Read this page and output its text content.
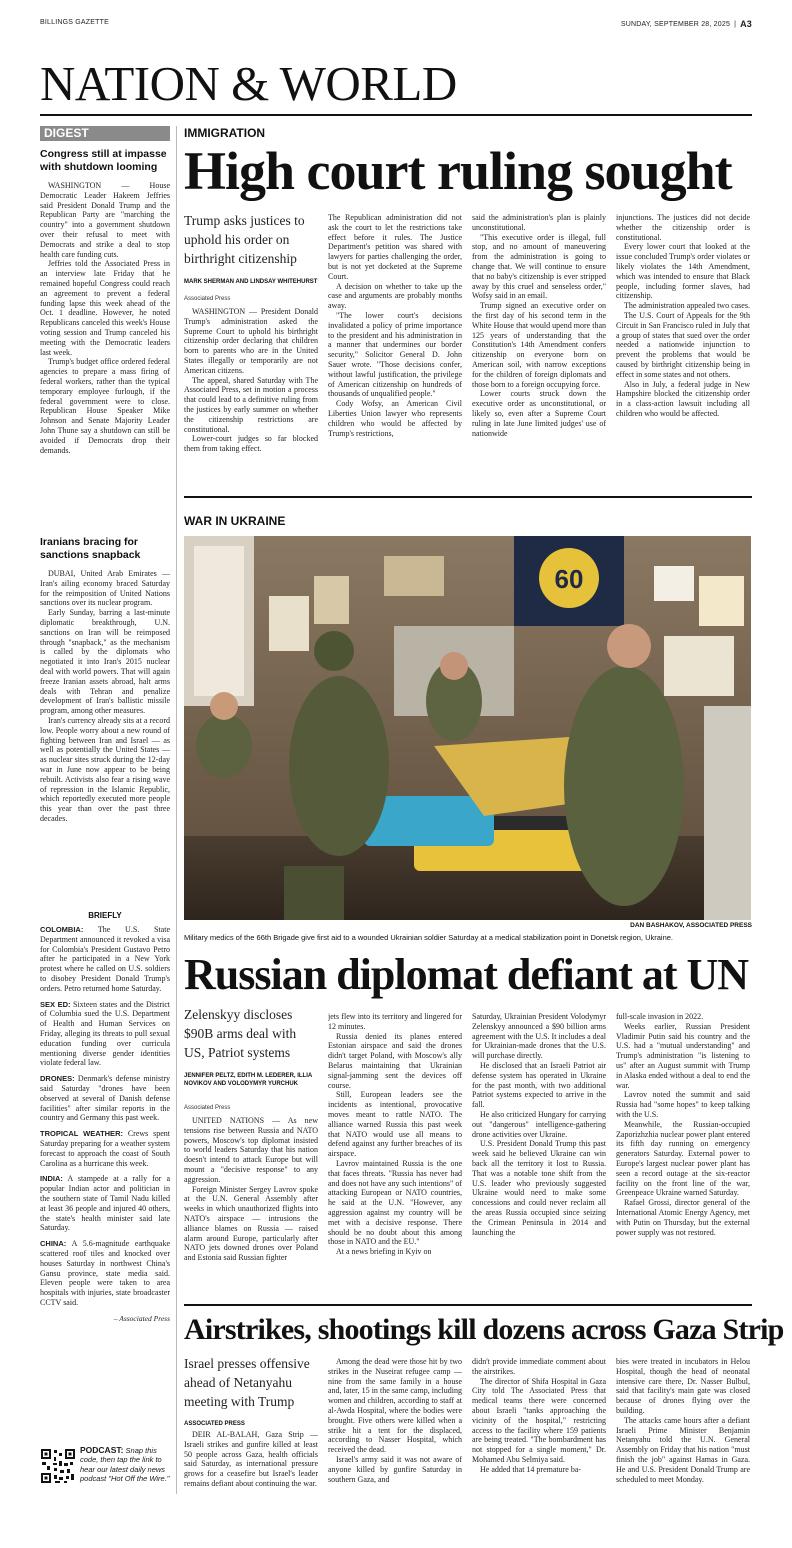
BILLINGS GAZETTE	SUNDAY, SEPTEMBER 28, 2025 | A3
NATION & WORLD
DIGEST
Congress still at impasse with shutdown looming

WASHINGTON — House Democratic Leader Hakeem Jeffries said President Donald Trump and the Republican Party are "marching the country" into a government shutdown over their refusal to meet with Democrats and strike a deal to stop health care funding cuts.

Jeffries told the Associated Press in an interview late Friday that he remained hopeful Congress could reach an agreement to prevent a federal funding lapse this week ahead of the Oct. 1 deadline. However, he noted Republicans canceled this week's House voting session and Trump canceled his meeting with the Democratic leaders last week.

Trump's budget office ordered federal agencies to prepare a mass firing of federal workers, rather than the typical temporary employee furlough, if the federal government were to close. Republican House Speaker Mike Johnson and Senate Majority Leader John Thune say a shutdown can still be avoided if Democrats drop their demands.

Iranians bracing for sanctions snapback

DUBAI, United Arab Emirates — Iran's ailing economy braced Saturday for the reimposition of United Nations sanctions over its nuclear program.

Early Sunday, barring a last-minute diplomatic breakthrough, U.N. sanctions on Iran will be reimposed through "snapback," as the mechanism is called by the diplomats who negotiated it into Iran's 2015 nuclear deal with world powers. That will again freeze Iranian assets abroad, halt arms deals with Tehran and penalize development of Iran's ballistic missile program, among other measures.

Iran's currency already sits at a record low. People worry about a new round of fighting between Iran and Israel — as well as potentially the United States — as nuclear sites struck during the 12-day war in June now appear to be being rebuilt. Activists also fear a rising wave of repression in the Islamic Republic, which reportedly executed more people this year than over the past three decades.

BRIEFLY

COLOMBIA: The U.S. State Department announced it revoked a visa for Colombia's President Gustavo Petro after he participated in a New York protest where he called on U.S. soldiers to disobey President Donald Trump's orders. Petro returned home Saturday.

SEX ED: Sixteen states and the District of Columbia sued the U.S. Department of Health and Human Services on Friday, alleging its threats to pull sexual education funding over curricula mentioning diverse gender identities violate federal law.

DRONES: Denmark's defense ministry said Saturday "drones have been observed at several of Danish defense facilities" after similar reports in the country and Germany this past week.

TROPICAL WEATHER: Crews spent Saturday preparing for a weather system forecast to approach the coast of South Carolina as a hurricane this week.

INDIA: A stampede at a rally for a popular Indian actor and politician in the southern state of Tamil Nadu killed at least 36 people and injured 40 others, the state's health minister said late Saturday.

CHINA: A 5.6-magnitude earthquake scattered roof tiles and knocked over houses Saturday in northwest China's Gansu province, state media said. Eleven people were taken to area hospitals with injuries, state broadcaster CCTV said.

– Associated Press
PODCAST: Snap this code, then tap the link to hear our latest daily news podcast "Hot Off the Wire."
IMMIGRATION
High court ruling sought
Trump asks justices to uphold his order on birthright citizenship
MARK SHERMAN AND LINDSAY WHITEHURST
Associated Press

WASHINGTON — President Donald Trump's administration asked the Supreme Court to uphold his birthright citizenship order declaring that children born to parents who are in the United States illegally or temporarily are not American citizens.

The appeal, shared Saturday with The Associated Press, set in motion a process that could lead to a definitive ruling from the justices by early summer on whether the citizenship restrictions are constitutional.

Lower-court judges so far blocked them from taking effect.

The Republican administration did not ask the court to let the restrictions take effect before it rules. The Justice Department's petition was shared with lawyers for parties challenging the order, but is not yet docketed at the Supreme Court.

A decision on whether to take up the case and arguments are probably months away.

"The lower court's decisions invalidated a policy of prime importance to the president and his administration in a manner that undermines our border security," Solicitor General D. John Sauer wrote. "Those decisions confer, without lawful justification, the privilege of American citizenship on hundreds of thousands of unqualified people."

Cody Wofsy, an American Civil Liberties Union lawyer who represents children who would be affected by Trump's restrictions,

said the administration's plan is plainly unconstitutional.

"This executive order is illegal, full stop, and no amount of maneuvering from the administration is going to change that. We will continue to ensure that no baby's citizenship is ever stripped away by this cruel and senseless order," Wofsy said in an email.

Trump signed an executive order on the first day of his second term in the White House that would upend more than 125 years of understanding that the Constitution's 14th Amendment confers citizenship on everyone born on American soil, with narrow exceptions for the children of foreign diplomats and those born to a foreign occupying force.

Lower courts struck down the executive order as unconstitutional, or likely so, even after a Supreme Court ruling in late June limited judges' use of nationwide

injunctions. The justices did not decide whether the citizenship order is constitutional.

Every lower court that looked at the issue concluded Trump's order violates or likely violates the 14th Amendment, which was intended to ensure that Black people, including former slaves, had citizenship.

The administration appealed two cases.

The U.S. Court of Appeals for the 9th Circuit in San Francisco ruled in July that a group of states that sued over the order needed a nationwide injunction to prevent the problems that would be caused by birthright citizenship being in effect in some states and not others.

Also in July, a federal judge in New Hampshire blocked the citizenship order in a class-action lawsuit including all children who would be affected.

WAR IN UKRAINE
60
DAN BASHAKOV, ASSOCIATED PRESS
Military medics of the 66th Brigade give first aid to a wounded Ukrainian soldier Saturday at a medical stabilization point in Donetsk region, Ukraine.
Russian diplomat defiant at UN
Zelenskyy discloses $90B arms deal with US, Patriot systems
JENNIFER PELTZ, EDITH M. LEDERER, ILLIA NOVIKOV AND VOLODYMYR YURCHUK
Associated Press

UNITED NATIONS — As new tensions rise between Russia and NATO powers, Moscow's top diplomat insisted to world leaders Saturday that his nation doesn't intend to attack Europe but will mount a "decisive response" to any aggression.

Foreign Minister Sergey Lavrov spoke at the U.N. General Assembly after weeks in which unauthorized flights into NATO's airspace — intrusions the alliance blames on Russia — raised alarm around Europe, particularly after NATO jets downed drones over Poland and Estonia said Russian fighter

jets flew into its territory and lingered for 12 minutes.

Russia denied its planes entered Estonian airspace and said the drones didn't target Poland, with Moscow's ally Belarus maintaining that Ukrainian signal-jamming sent the devices off course.

Still, European leaders see the incidents as intentional, provocative moves meant to rattle NATO. The alliance warned Russia this past week that NATO would use all means to defend against any further breaches of its airspace.

Lavrov maintained Russia is the one that faces threats. "Russia has never had and does not have any such intentions" of attacking European or NATO countries, he said at the U.N. "However, any aggression against my country will be met with a decisive response. There should be no doubt about this among those in NATO and the EU."

At a news briefing in Kyiv on

Saturday, Ukrainian President Volodymyr Zelenskyy announced a $90 billion arms agreement with the U.S. It includes a deal for Ukrainian-made drones that the U.S. will purchase directly.

He disclosed that an Israeli Patriot air defense system has operated in Ukraine for the past month, with two additional Patriot systems expected to arrive in the fall.

He also criticized Hungary for carrying out "dangerous" intelligence-gathering drone activities over Ukraine.

U.S. President Donald Trump this past week said he believed Ukraine can win back all the territory it lost to Russia. That was a notable tone shift from the U.S. leader who previously suggested Ukraine would need to make some concessions and could never reclaim all the areas Russia occupied since seizing the Crimean Peninsula in 2014 and launching the

full-scale invasion in 2022.

Weeks earlier, Russian President Vladimir Putin said his country and the U.S. had a "mutual understanding" and Trump's administration "is listening to us" after an August summit with Trump in Alaska ended without a deal to end the war.

Lavrov noted the summit and said Russia had "some hopes" to keep talking with the U.S.

Meanwhile, the Russian-occupied Zaporizhzhia nuclear power plant entered its fifth day running on emergency generators Saturday. External power to Europe's largest nuclear power plant has seen a record outage at the six-reactor facility on the front line of the war, Greenpeace Ukraine warned Saturday.

Rafael Grossi, director general of the International Atomic Energy Agency, met with Putin on Thursday, but the external power supply was not restored.

Airstrikes, shootings kill dozens across Gaza Strip
Israel presses offensive ahead of Netanyahu meeting with Trump
ASSOCIATED PRESS

DEIR AL-BALAH, Gaza Strip — Israeli strikes and gunfire killed at least 50 people across Gaza, health officials said Saturday, as international pressure grows for a ceasefire but Israel's leader remains defiant about continuing the war.

Among the dead were those hit by two strikes in the Nuseirat refugee camp — nine from the same family in a house and, later, 15 in the same camp, including women and children, according to staff at al-Awda Hospital, where the bodies were brought. Five others were killed when a strike hit a tent for the displaced, according to Nasser Hospital, which received the dead.

Israel's army said it was not aware of anyone killed by gunfire Saturday in southern Gaza, and

didn't provide immediate comment about the airstrikes.

The director of Shifa Hospital in Gaza City told The Associated Press that medical teams there were concerned about Israeli "tanks approaching the vicinity of the hospital," restricting access to the facility where 159 patients are being treated. "The bombardment has not stopped for a single moment," Dr. Mohamed Abu Selmiya said.

He added that 14 premature ba-

bies were treated in incubators in Helou Hospital, though the head of neonatal intensive care there, Dr. Nasser Bulbul, said that facility's main gate was closed because of drones flying over the building.

The attacks came hours after a defiant Israeli Prime Minister Benjamin Netanyahu told the U.N. General Assembly on Friday that his nation "must finish the job" against Hamas in Gaza. He and U.S. President Donald Trump are scheduled to meet Monday.
